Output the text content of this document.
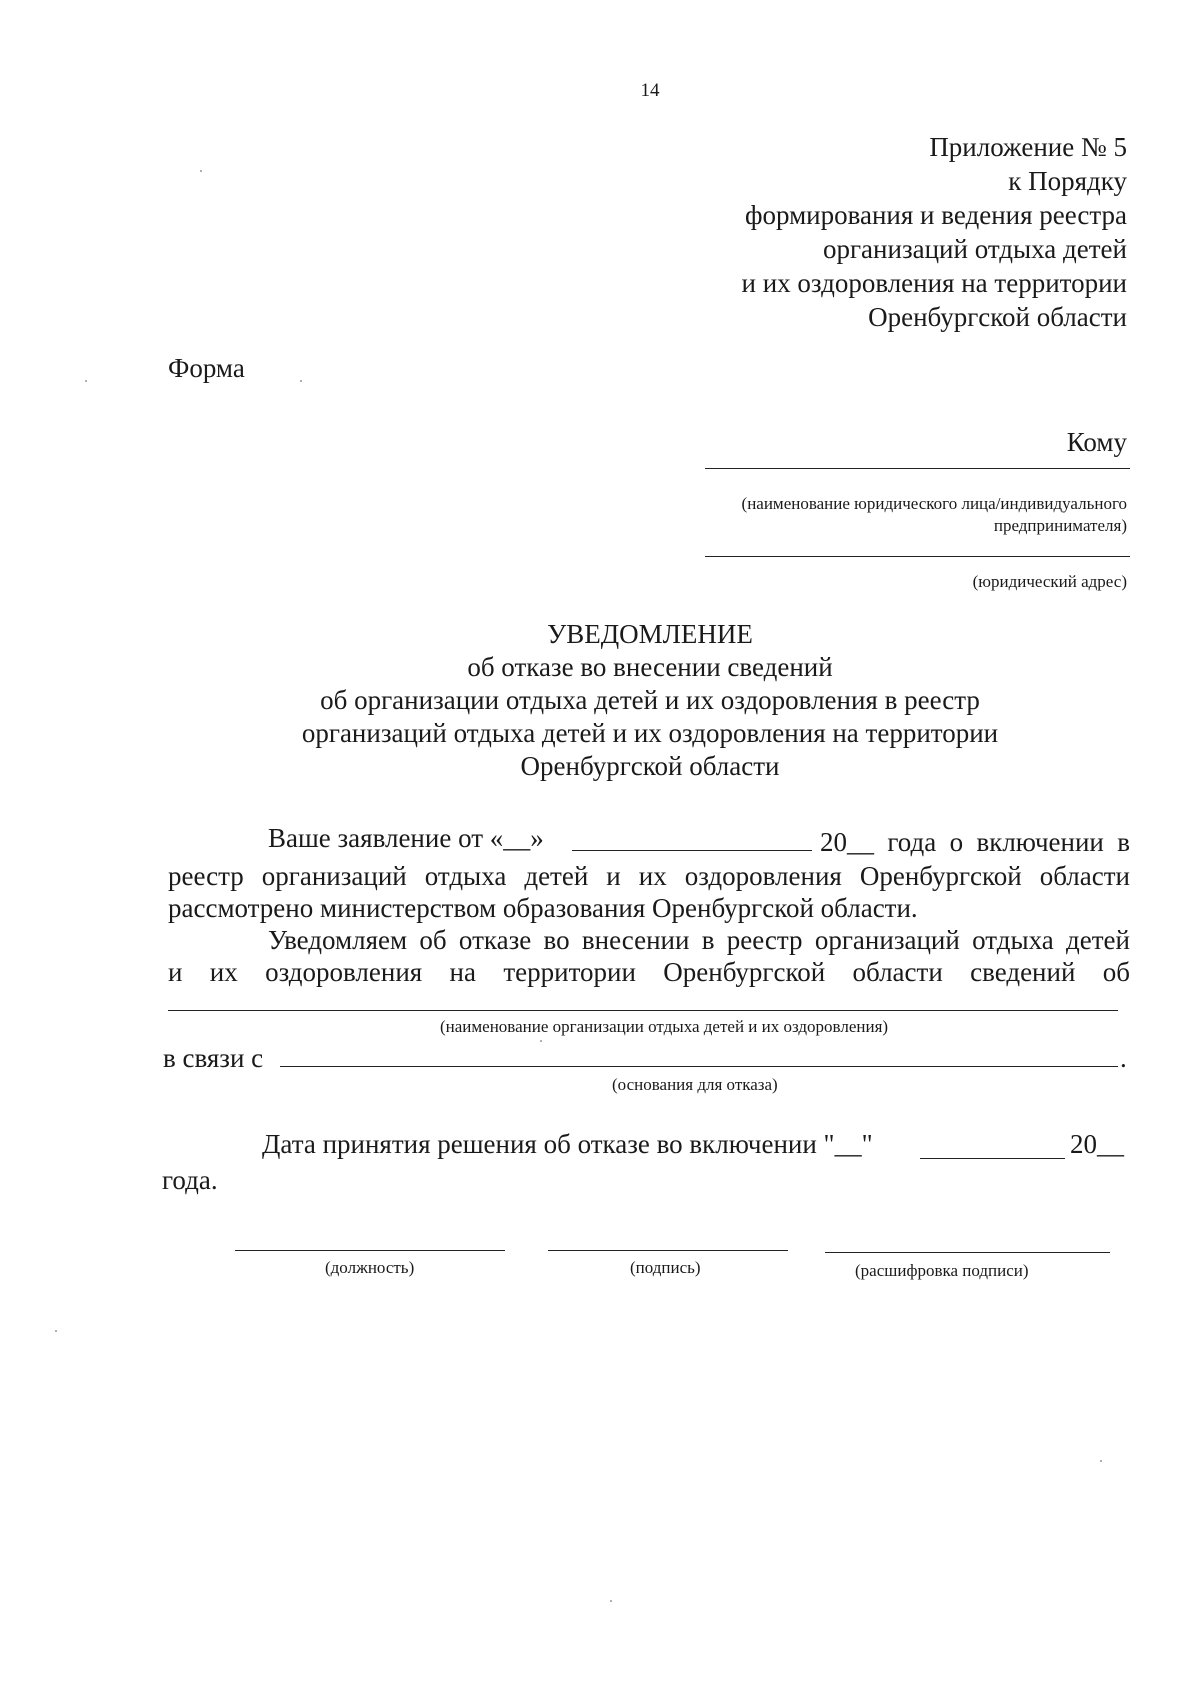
14
Приложение № 5
к Порядку
формирования и ведения реестра
организаций отдыха детей
и их оздоровления на территории
Оренбургской области
Форма
Кому
(наименование юридического лица/индивидуального
предпринимателя)
(юридический адрес)
УВЕДОМЛЕНИЕ
об отказе во внесении сведений
об организации отдыха детей и их оздоровления в реестр
организаций отдыха детей и их оздоровления на территории
Оренбургской области
Ваше заявление от «__»	20__ года о включении в
реестр организаций отдыха детей и их оздоровления Оренбургской области
рассмотрено министерством образования Оренбургской области.
Уведомляем об отказе во внесении в реестр организаций отдыха детей
и их оздоровления на территории Оренбургской области сведений об
(наименование организации отдыха детей и их оздоровления)
в связи с	.
(основания для отказа)
Дата принятия решения об отказе во включении "__"	20__
года.
(должность)	(подпись)	(расшифровка подписи)
